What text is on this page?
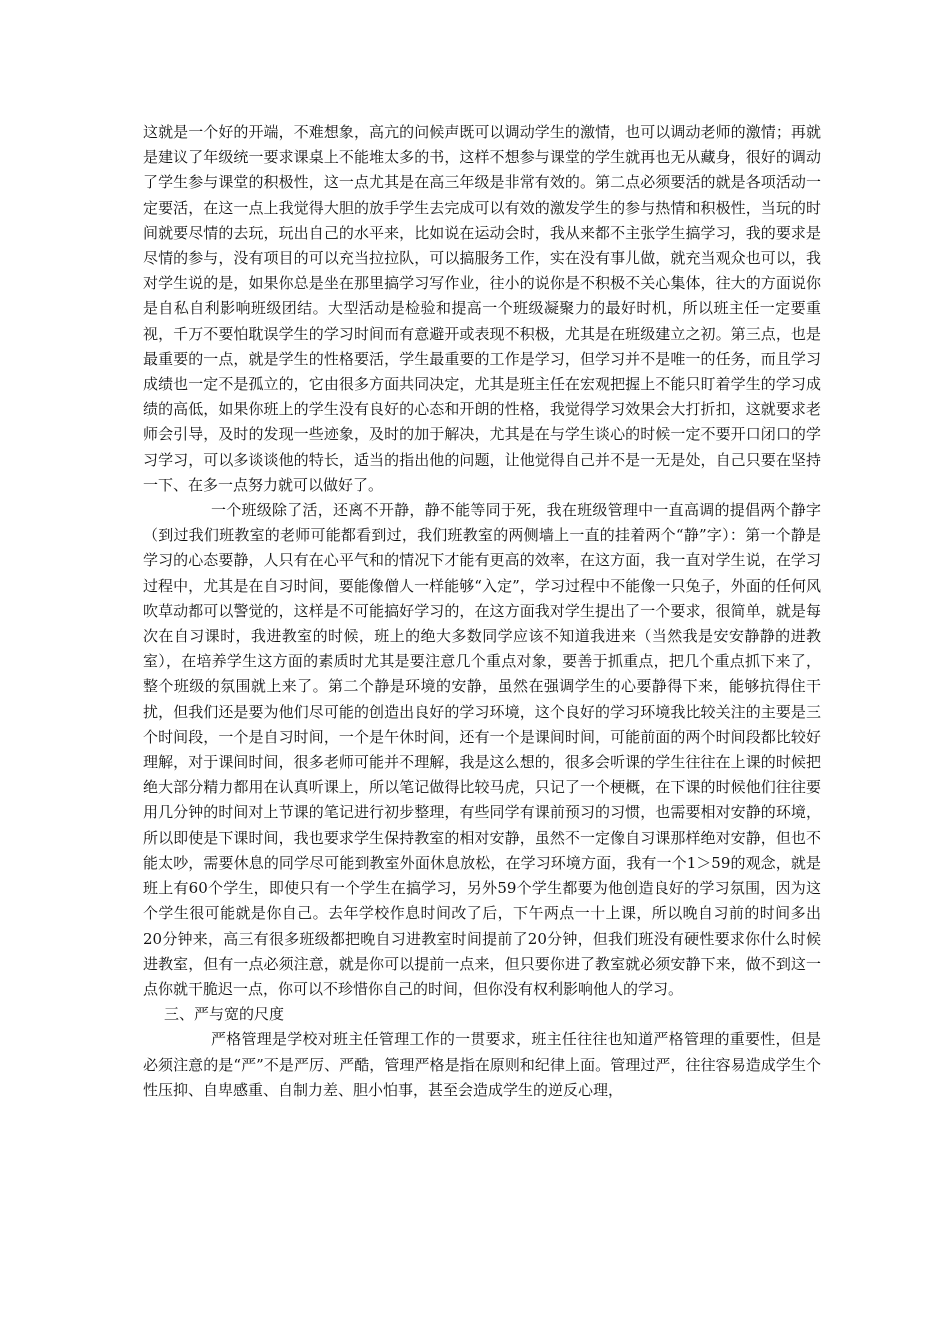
这就是一个好的开端，不难想象，高亢的问候声既可以调动学生的激情，也可以调动老师的激情；再就是建议了年级统一要求课桌上不能堆太多的书，这样不想参与课堂的学生就再也无从藏身，很好的调动了学生参与课堂的积极性，这一点尤其是在高三年级是非常有效的。第二点必须要活的就是各项活动一定要活，在这一点上我觉得大胆的放手学生去完成可以有效的激发学生的参与热情和积极性，当玩的时间就要尽情的去玩，玩出自己的水平来，比如说在运动会时，我从来都不主张学生搞学习，我的要求是尽情的参与，没有项目的可以充当拉拉队，可以搞服务工作，实在没有事儿做，就充当观众也可以，我对学生说的是，如果你总是坐在那里搞学习写作业，往小的说你是不积极不关心集体，往大的方面说你是自私自利影响班级团结。大型活动是检验和提高一个班级凝聚力的最好时机，所以班主任一定要重视，千万不要怕耽误学生的学习时间而有意避开或表现不积极，尤其是在班级建立之初。第三点，也是最重要的一点，就是学生的性格要活，学生最重要的工作是学习，但学习并不是唯一的任务，而且学习成绩也一定不是孤立的，它由很多方面共同决定，尤其是班主任在宏观把握上不能只盯着学生的学习成绩的高低，如果你班上的学生没有良好的心态和开朗的性格，我觉得学习效果会大打折扣，这就要求老师会引导，及时的发现一些迹象，及时的加于解决，尤其是在与学生谈心的时候一定不要开口闭口的学习学习，可以多谈谈他的特长，适当的指出他的问题，让他觉得自己并不是一无是处，自己只要在坚持一下、在多一点努力就可以做好了。

一个班级除了活，还离不开静，静不能等同于死，我在班级管理中一直高调的提倡两个静字（到过我们班教室的老师可能都看到过，我们班教室的两侧墙上一直的挂着两个“静”字）：第一个静是学习的心态要静，人只有在心平气和的情况下才能有更高的效率，在这方面，我一直对学生说，在学习过程中，尤其是在自习时间，要能像僧人一样能够“入定”，学习过程中不能像一只兔子，外面的任何风吹草动都可以警觉的，这样是不可能搞好学习的，在这方面我对学生提出了一个要求，很简单，就是每次在自习课时，我进教室的时候，班上的绝大多数同学应该不知道我进来（当然我是安安静静的进教室），在培养学生这方面的素质时尤其是要注意几个重点对象，要善于抓重点，把几个重点抓下来了，整个班级的氛围就上来了。第二个静是环境的安静，虽然在强调学生的心要静得下来，能够抗得住干扰，但我们还是要为他们尽可能的创造出良好的学习环境，这个良好的学习环境我比较关注的主要是三个时间段，一个是自习时间，一个是午休时间，还有一个是课间时间，可能前面的两个时间段都比较好理解，对于课间时间，很多老师可能并不理解，我是这么想的，很多会听课的学生往往在上课的时候把绝大部分精力都用在认真听课上，所以笔记做得比较马虎，只记了一个梗概，在下课的时候他们往往要用几分钟的时间对上节课的笔记进行初步整理，有些同学有课前预习的习惯，也需要相对安静的环境，所以即使是下课时间，我也要求学生保持教室的相对安静，虽然不一定像自习课那样绝对安静，但也不能太吵，需要休息的同学尽可能到教室外面休息放松，在学习环境方面，我有一个1＞59的观念，就是班上有60个学生，即使只有一个学生在搞学习，另外59个学生都要为他创造良好的学习氛围，因为这个学生很可能就是你自己。去年学校作息时间改了后，下午两点一十上课，所以晚自习前的时间多出20分钟来，高三有很多班级都把晚自习进教室时间提前了20分钟，但我们班没有硬性要求你什么时候进教室，但有一点必须注意，就是你可以提前一点来，但只要你进了教室就必须安静下来，做不到这一点你就干脆迟一点，你可以不珍惜你自己的时间，但你没有权利影响他人的学习。

三、严与宽的尺度

严格管理是学校对班主任管理工作的一贯要求，班主任往往也知道严格管理的重要性，但是必须注意的是“严”不是严厉、严酷，管理严格是指在原则和纪律上面。管理过严，往往容易造成学生个性压抑、自卑感重、自制力差、胆小怕事，甚至会造成学生的逆反心理，
